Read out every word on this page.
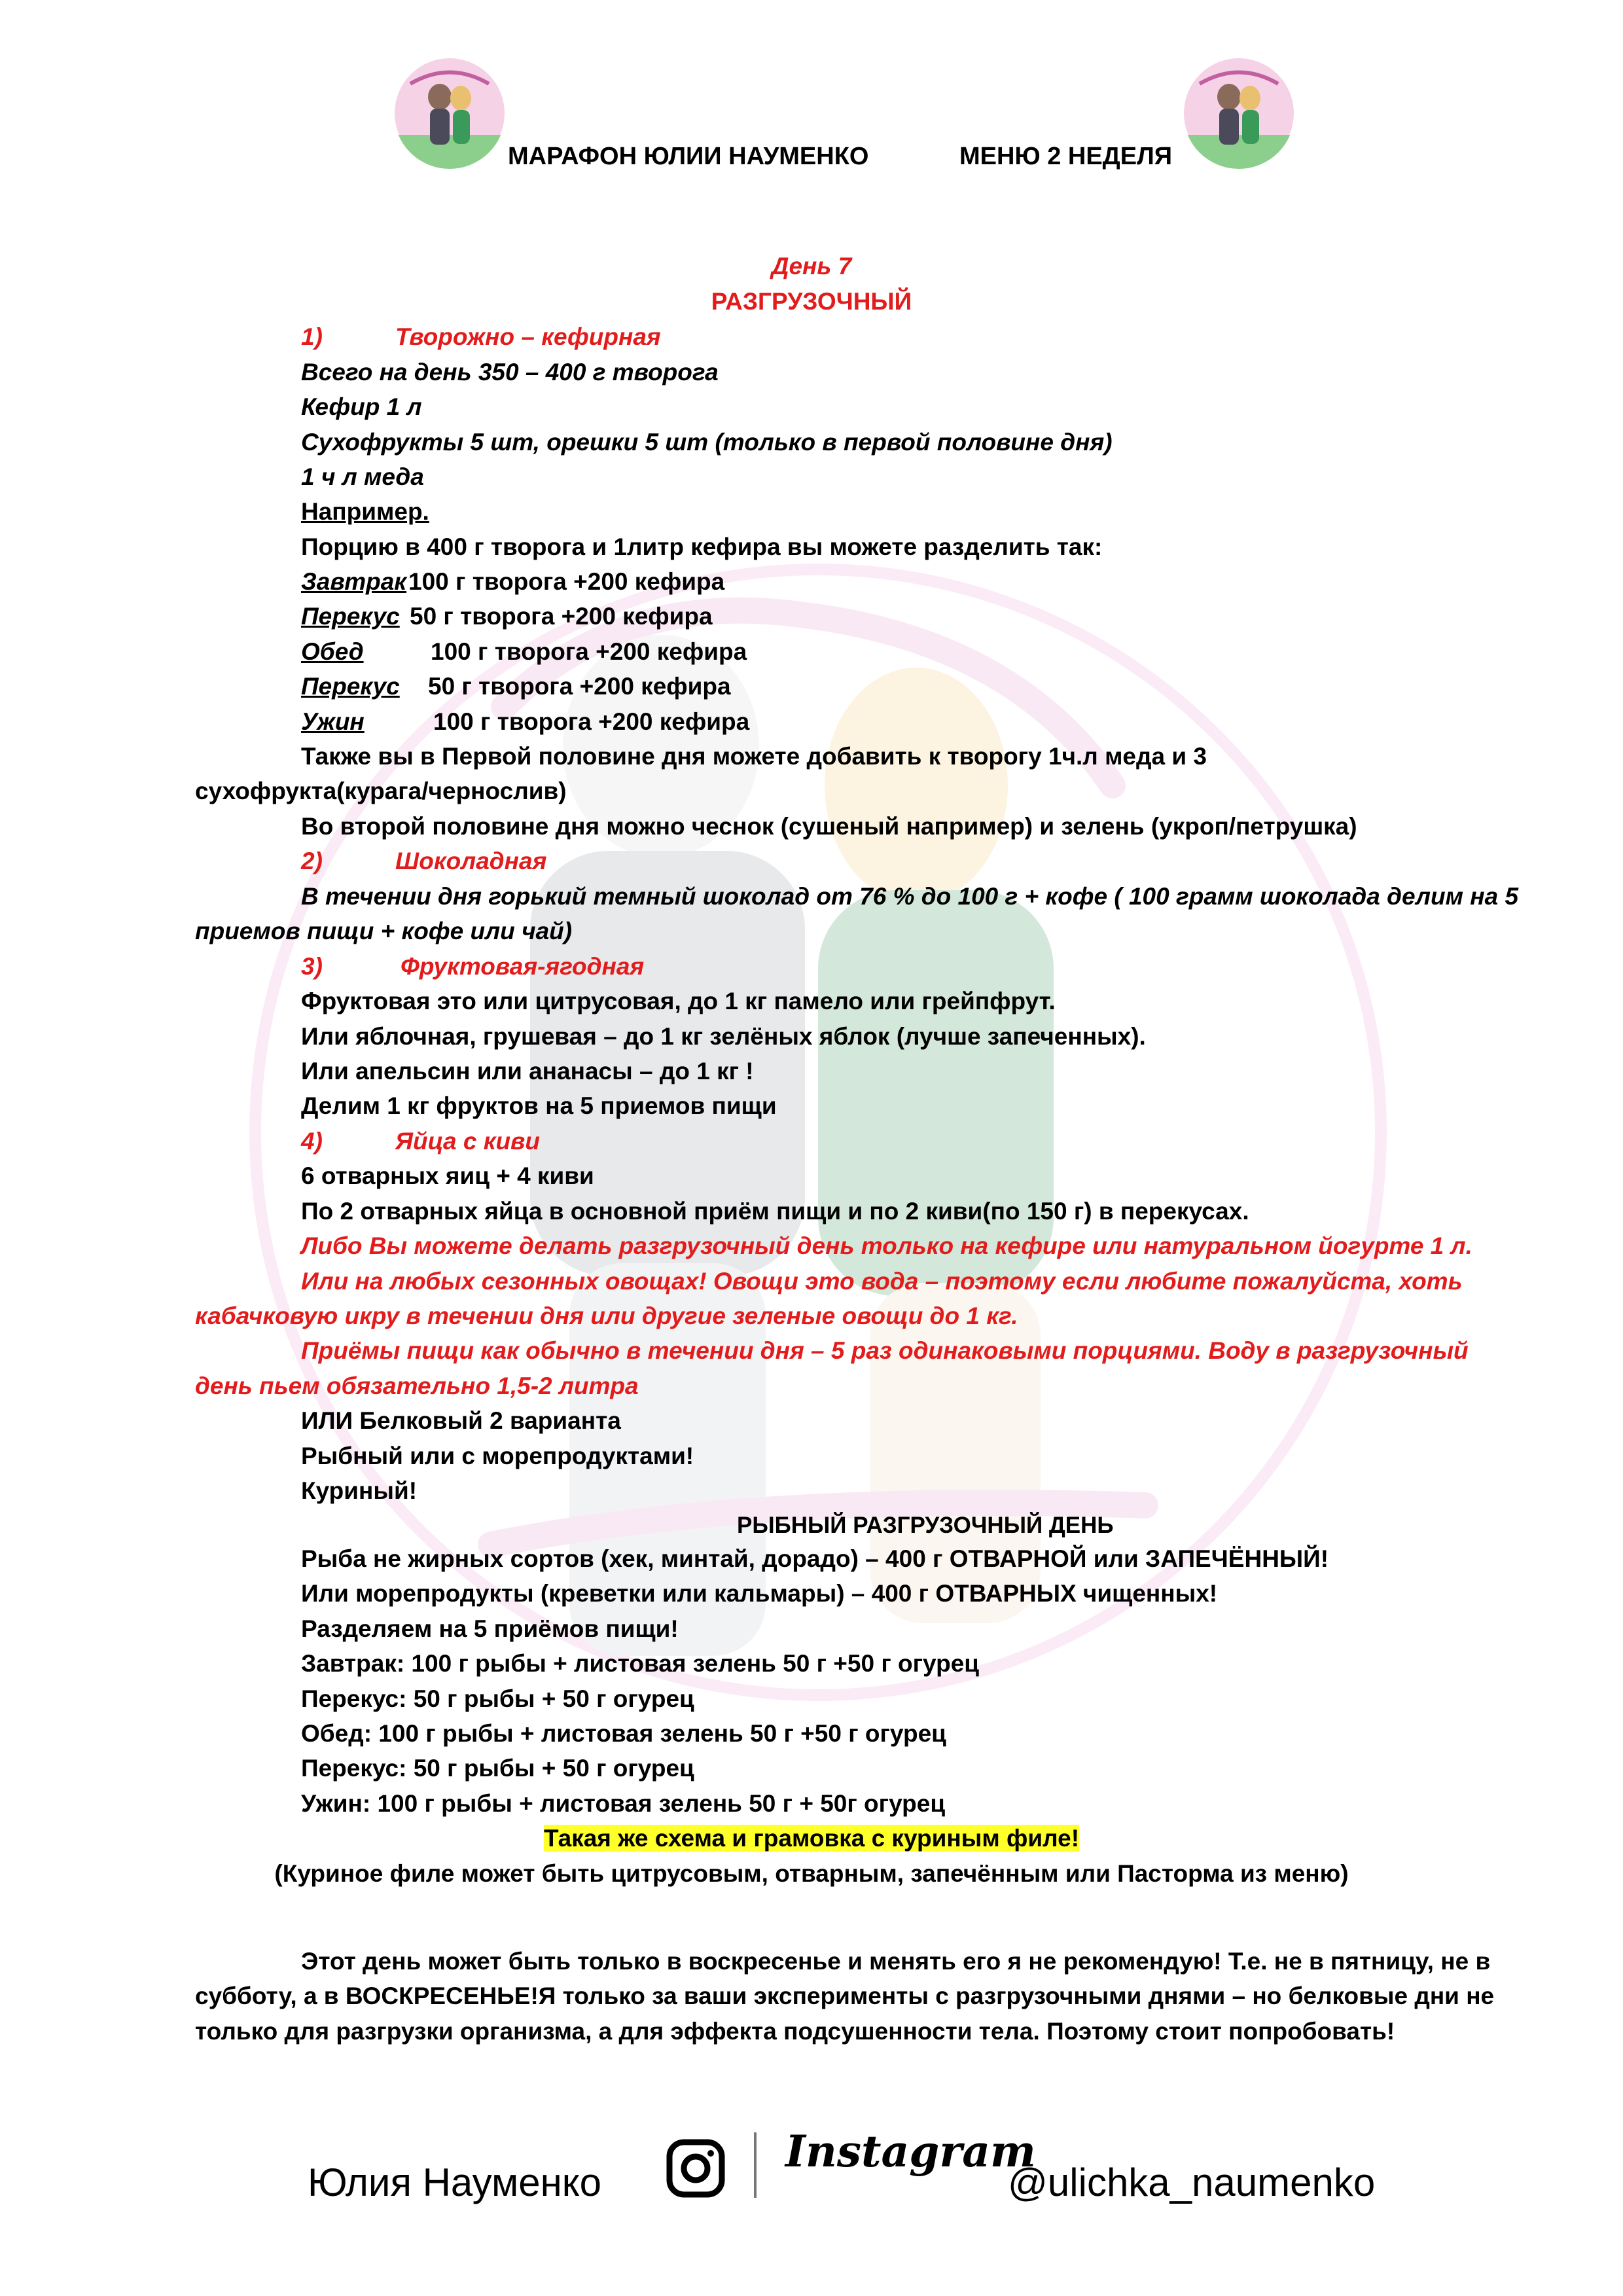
МАРАФОН ЮЛИИ НАУМЕНКО	МЕНЮ 2 НЕДЕЛЯ
День 7
РАЗГРУЗОЧНЫЙ
1)	Творожно – кефирная
Всего на день 350 – 400 г творога
Кефир 1 л
Сухофрукты 5 шт, орешки 5 шт (только в первой половине дня)
1 ч л меда
Например.
Порцию в 400 г творога и 1литр кефира вы можете разделить так:
Завтрак100 г творога +200 кефира
Перекус 50 г творога +200 кефира
Обед	100 г творога +200 кефира
Перекус 50 г творога +200 кефира
Ужин	100 г творога +200 кефира
Также вы в Первой половине дня можете добавить к творогу 1ч.л меда и 3
сухофрукта(курага/чернослив)
Во второй половине дня можно чеснок (сушеный например) и зелень (укроп/петрушка)
2)	Шоколадная
В течении дня горький темный шоколад от 76 % до 100 г + кофе ( 100 грамм шоколада делим на 5
приемов пищи + кофе или чай)
3)	Фруктовая-ягодная
Фруктовая это или цитрусовая, до 1 кг памело или грейпфрут.
Или яблочная, грушевая – до 1 кг зелёных яблок (лучше запеченных).
Или апельсин или ананасы – до 1 кг !
Делим 1 кг фруктов на 5 приемов пищи
4)	Яйца с киви
6 отварных яиц + 4 киви
По 2 отварных яйца в основной приём пищи и по 2 киви(по 150 г) в перекусах.
Либо Вы можете делать разгрузочный день только на кефире или натуральном йогурте 1 л.
Или на любых сезонных овощах! Овощи это вода – поэтому если любите пожалуйста, хоть
кабачковую икру в течении дня или другие зеленые овощи до 1 кг.
Приёмы пищи как обычно в течении дня – 5 раз одинаковыми порциями. Воду в разгрузочный
день пьем обязательно 1,5-2 литра
ИЛИ Белковый 2 варианта
Рыбный или с морепродуктами!
Куриный!
РЫБНЫЙ РАЗГРУЗОЧНЫЙ ДЕНЬ
Рыба не жирных сортов (хек, минтай, дорадо) – 400 г ОТВАРНОЙ или ЗАПЕЧЁННЫЙ!
Или морепродукты (креветки или кальмары) – 400 г ОТВАРНЫХ чищенных!
Разделяем на 5 приёмов пищи!
Завтрак: 100 г рыбы + листовая зелень 50 г +50 г огурец
Перекус: 50 г рыбы + 50 г огурец
Обед: 100 г рыбы + листовая зелень 50 г +50 г огурец
Перекус: 50 г рыбы + 50 г огурец
Ужин: 100 г рыбы + листовая зелень 50 г + 50г огурец
Такая же схема и грамовка с куриным филе!
(Куриное филе может быть цитрусовым, отварным, запечённым или Пасторма из меню)
Этот день может быть только в воскресенье и менять его я не рекомендую! Т.е. не в пятницу, не в
субботу, а в ВОСКРЕСЕНЬЕ!Я только за ваши эксперименты с разгрузочными днями – но белковые дни не
только для разгрузки организма, а для эффекта подсушенности тела. Поэтому стоит попробовать!
Юлия Науменко
Instagram
@ulichka_naumenko
